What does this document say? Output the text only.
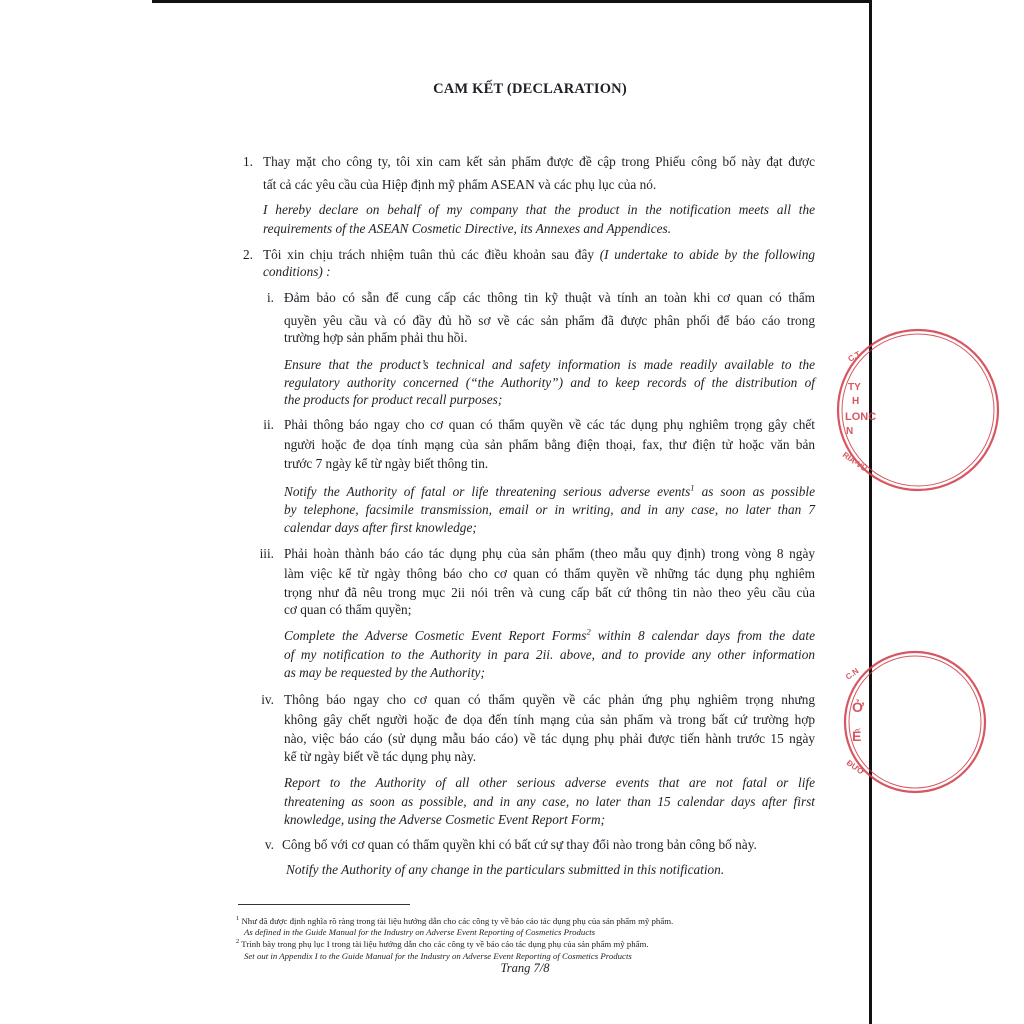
CAM KẾT (DECLARATION)
1. Thay mặt cho công ty, tôi xin cam kết sản phẩm được đề cập trong Phiếu công bố này đạt được
tất cả các yêu cầu của Hiệp định mỹ phẩm ASEAN và các phụ lục của nó.
I hereby declare on behalf of my company that the product in the notification meets all the
requirements of the ASEAN Cosmetic Directive, its Annexes and Appendices.
2. Tôi xin chịu trách nhiệm tuân thủ các điều khoản sau đây (I undertake to abide by the following
conditions) :
i. Đảm bảo có sẵn để cung cấp các thông tin kỹ thuật và tính an toàn khi cơ quan có thẩm
quyền yêu cầu và có đầy đủ hồ sơ về các sản phẩm đã được phân phối để báo cáo trong
trường hợp sản phẩm phải thu hồi.
Ensure that the product’s technical and safety information is made readily available to the
regulatory authority concerned (“the Authority”) and to keep records of the distribution of
the products for product recall purposes;
ii. Phải thông báo ngay cho cơ quan có thẩm quyền về các tác dụng phụ nghiêm trọng gây chết
người hoặc đe dọa tính mạng của sản phẩm bằng điện thoại, fax, thư điện tử hoặc văn bản
trước 7 ngày kể từ ngày biết thông tin.
Notify the Authority of fatal or life threatening serious adverse events$^1$ as soon as possible
by telephone, facsimile transmission, email or in writing, and in any case, no later than 7
calendar days after first knowledge;
iii. Phải hoàn thành báo cáo tác dụng phụ của sản phẩm (theo mẫu quy định) trong vòng 8 ngày
làm việc kể từ ngày thông báo cho cơ quan có thẩm quyền về những tác dụng phụ nghiêm
trọng như đã nêu trong mục 2ii nói trên và cung cấp bất cứ thông tin nào theo yêu cầu của
cơ quan có thẩm quyền;
Complete the Adverse Cosmetic Event Report Forms$^2$ within 8 calendar days from the date
of my notification to the Authority in para 2ii. above, and to provide any other information
as may be requested by the Authority;
iv. Thông báo ngay cho cơ quan có thẩm quyền về các phản ứng phụ nghiêm trọng nhưng
không gây chết người hoặc đe dọa đến tính mạng của sản phẩm và trong bất cứ trường hợp
nào, việc báo cáo (sử dụng mẫu báo cáo) về tác dụng phụ phải được tiến hành trước 15 ngày
kể từ ngày biết về tác dụng phụ này.
Report to the Authority of all other serious adverse events that are not fatal or life
threatening as soon as possible, and in any case, no later than 15 calendar days after first
knowledge, using the Adverse Cosmetic Event Report Form;
v. Công bố với cơ quan có thẩm quyền khi có bất cứ sự thay đổi nào trong bản công bố này.
Notify the Authority of any change in the particulars submitted in this notification.
$^1$ Như đã được định nghĩa rõ ràng trong tài liệu hướng dẫn cho các công ty về báo cáo tác dụng phụ của sản phẩm mỹ phẩm.
As defined in the Guide Manual for the Industry on Adverse Event Reporting of Cosmetics Products
$^2$ Trình bày trong phụ lục I trong tài liệu hướng dẫn cho các công ty về báo cáo tác dụng phụ của sản phẩm mỹ phẩm.
Set out in Appendix I to the Guide Manual for the Industry on Adverse Event Reporting of Cosmetics Products
Trang 7/8
C.T
TY
H
LONC
N
RIA-VŨ
C.N
Ở
Ế
ĐƯƠ
